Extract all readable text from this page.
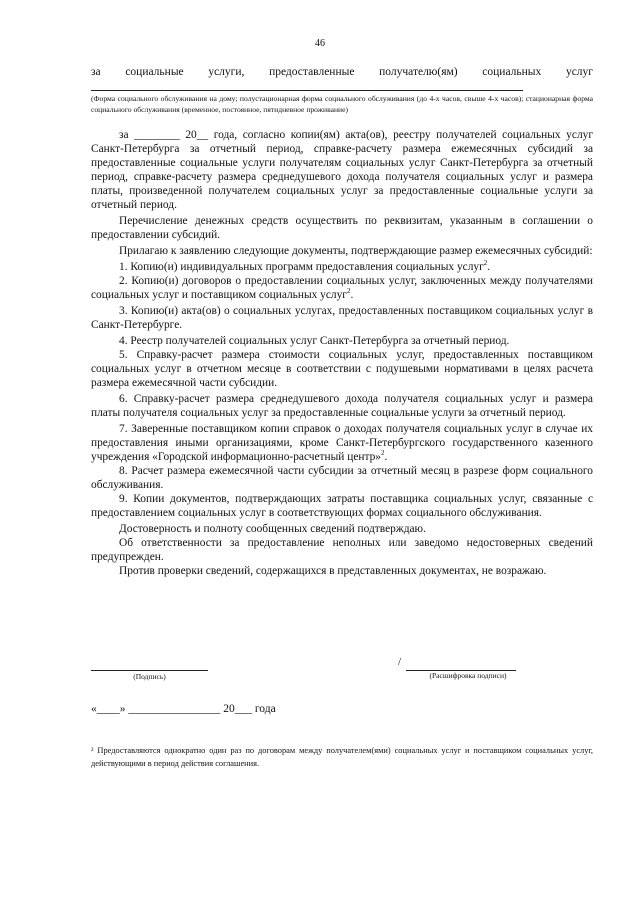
46
за социальные услуги, предоставленные получателю(ям) социальных услуг
(Форма социального обслуживания на дому; полустационарная форма социального обслуживания (до 4-х часов, свыше 4-х часов); стационарная форма социального обслуживания (временное, постоянное, пятидневное проживание)

за ________ 20__ года, согласно копии(ям) акта(ов), реестру получателей социальных услуг Санкт-Петербурга за отчетный период, справке-расчету размера ежемесячных субсидий за предоставленные социальные услуги получателям социальных услуг Санкт-Петербурга за отчетный период, справке-расчету размера среднедушевого дохода получателя социальных услуг и размера платы, произведенной получателем социальных услуг за предоставленные социальные услуги за отчетный период.

Перечисление денежных средств осуществить по реквизитам, указанным в соглашении о предоставлении субсидий.

Прилагаю к заявлению следующие документы, подтверждающие размер ежемесячных субсидий:

1. Копию(и) индивидуальных программ предоставления социальных услуг$^2$.

2. Копию(и) договоров о предоставлении социальных услуг, заключенных между получателями социальных услуг и поставщиком социальных услуг$^2$.

3. Копию(и) акта(ов) о социальных услугах, предоставленных поставщиком социальных услуг в Санкт-Петербурге.

4. Реестр получателей социальных услуг Санкт-Петербурга за отчетный период.

5. Справку-расчет размера стоимости социальных услуг, предоставленных поставщиком социальных услуг в отчетном месяце в соответствии с подушевыми нормативами в целях расчета размера ежемесячной части субсидии.

6. Справку-расчет размера среднедушевого дохода получателя социальных услуг и размера платы получателя социальных услуг за предоставленные социальные услуги за отчетный период.

7. Заверенные поставщиком копии справок о доходах получателя социальных услуг в случае их предоставления иными организациями, кроме Санкт-Петербургского государственного казенного учреждения «Городской информационно-расчетный центр»$^2$.

8. Расчет размера ежемесячной части субсидии за отчетный месяц в разрезе форм социального обслуживания.

9. Копии документов, подтверждающих затраты поставщика социальных услуг, связанные с предоставлением социальных услуг в соответствующих формах социального обслуживания.

Достоверность и полноту сообщенных сведений подтверждаю.

Об ответственности за предоставление неполных или заведомо недостоверных сведений предупрежден.

Против проверки сведений, содержащихся в представленных документах, не возражаю.

(Подпись)
/
(Расшифровка подписи)
«____» ________________ 20___ года
² Предоставляются однократно один раз по договорам между получателем(ями) социальных услуг и поставщиком социальных услуг, действующими в период действия соглашения.
